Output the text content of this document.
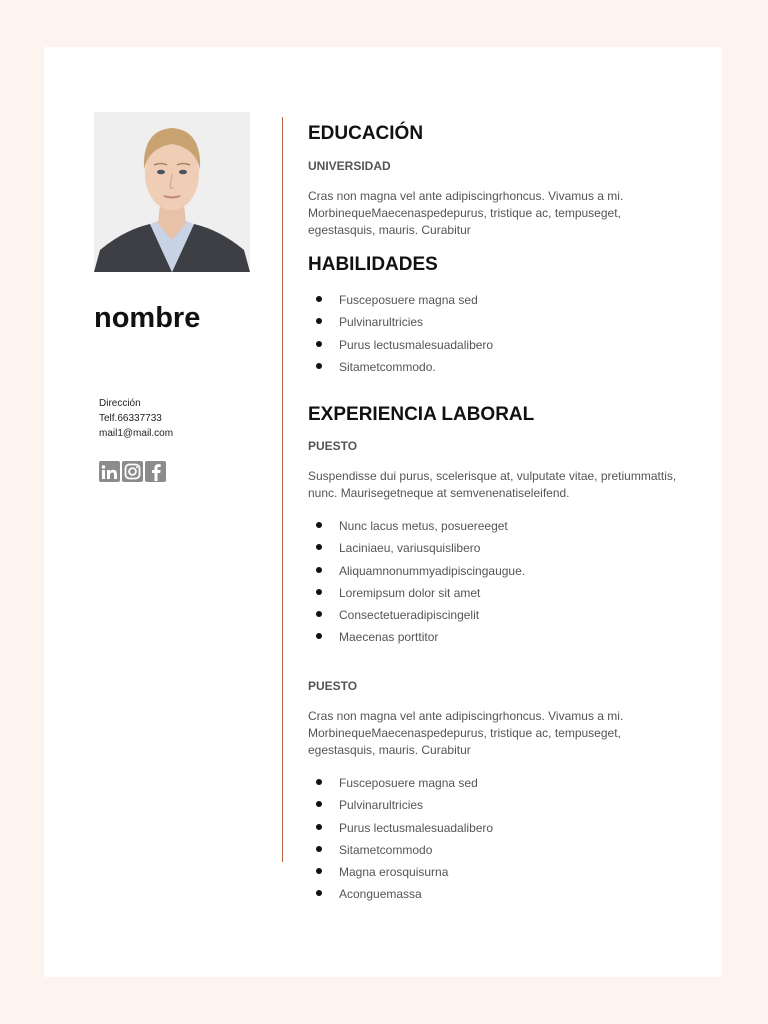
nombre
Dirección
Telf.66337733
mail1@mail.com
EDUCACIÓN
UNIVERSIDAD

Cras non magna vel ante adipiscingrhoncus. Vivamus a mi. MorbinequeMaecenaspedepurus, tristique ac, tempuseget, egestasquis, mauris. Curabitur

HABILIDADES
Fusceposuere magna sed
Pulvinarultricies
Purus lectusmalesuadalibero
Sitametcommodo.
EXPERIENCIA LABORAL
PUESTO

Suspendisse dui purus, scelerisque at, vulputate vitae, pretiummattis, nunc. Maurisegetneque at semvenenatiseleifend.

Nunc lacus metus, posuereeget
Laciniaeu, variusquislibero
Aliquamnonummyadipiscingaugue.
Loremipsum dolor sit amet
Consectetueradipiscingelit
Maecenas porttitor
PUESTO

Cras non magna vel ante adipiscingrhoncus. Vivamus a mi. MorbinequeMaecenaspedepurus, tristique ac, tempuseget, egestasquis, mauris. Curabitur

Fusceposuere magna sed
Pulvinarultricies
Purus lectusmalesuadalibero
Sitametcommodo
Magna erosquisurna
Aconguemassa
